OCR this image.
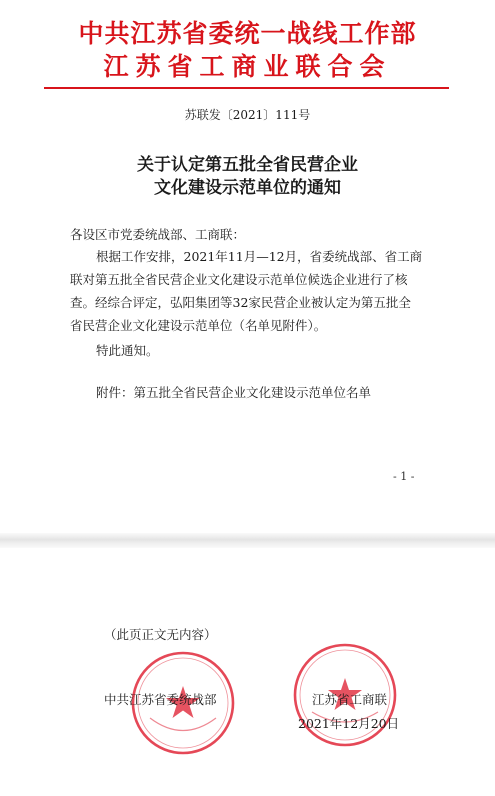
中共江苏省委统一战线工作部
江苏省工商业联合会
苏联发〔2021〕111号
关于认定第五批全省民营企业
文化建设示范单位的通知
各设区市党委统战部、工商联：
根据工作安排，2021年11月—12月，省委统战部、省工商
联对第五批全省民营企业文化建设示范单位候选企业进行了核
查。经综合评定，弘阳集团等32家民营企业被认定为第五批全
省民营企业文化建设示范单位（名单见附件）。
特此通知。
附件：第五批全省民营企业文化建设示范单位名单
- 1 -
（此页正文无内容）
中共江苏省委统战部	江苏省工商联
2021年12月20日
